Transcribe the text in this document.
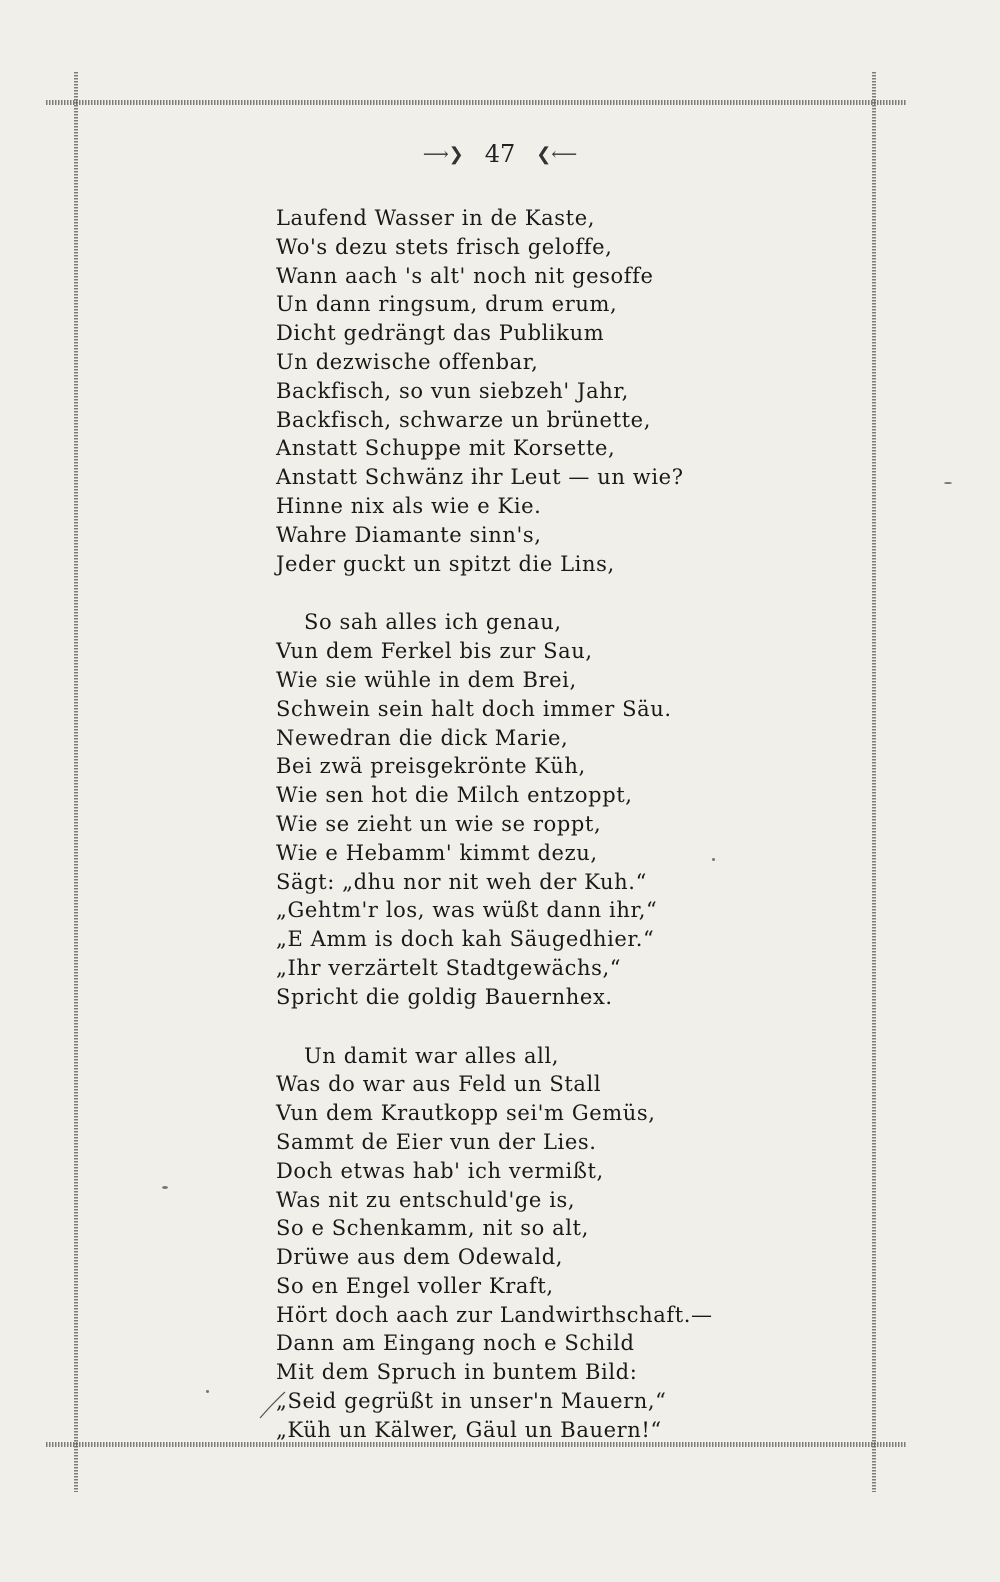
⟶❯ 47 ❮⟵
Laufend Wasser in de Kaste,
Wo's dezu stets frisch geloffe,
Wann aach 's alt' noch nit gesoffe
Un dann ringsum, drum erum,
Dicht gedrängt das Publikum
Un dezwische offenbar,
Backfisch, so vun siebzeh' Jahr,
Backfisch, schwarze un brünette,
Anstatt Schuppe mit Korsette,
Anstatt Schwänz ihr Leut — un wie?
Hinne nix als wie e Kie.
Wahre Diamante sinn's,
Jeder guckt un spitzt die Lins,
So sah alles ich genau,
Vun dem Ferkel bis zur Sau,
Wie sie wühle in dem Brei,
Schwein sein halt doch immer Säu.
Newedran die dick Marie,
Bei zwä preisgekrönte Küh,
Wie sen hot die Milch entzoppt,
Wie se zieht un wie se roppt,
Wie e Hebamm' kimmt dezu,
Sägt: „dhu nor nit weh der Kuh.“
„Gehtm'r los, was wüßt dann ihr,“
„E Amm is doch kah Säugedhier.“
„Ihr verzärtelt Stadtgewächs,“
Spricht die goldig Bauernhex.
Un damit war alles all,
Was do war aus Feld un Stall
Vun dem Krautkopp sei'm Gemüs,
Sammt de Eier vun der Lies.
Doch etwas hab' ich vermißt,
Was nit zu entschuld'ge is,
So e Schenkamm, nit so alt,
Drüwe aus dem Odewald,
So en Engel voller Kraft,
Hört doch aach zur Landwirthschaft.—
Dann am Eingang noch e Schild
Mit dem Spruch in buntem Bild:
„Seid gegrüßt in unser'n Mauern,“
„Küh un Kälwer, Gäul un Bauern!“
